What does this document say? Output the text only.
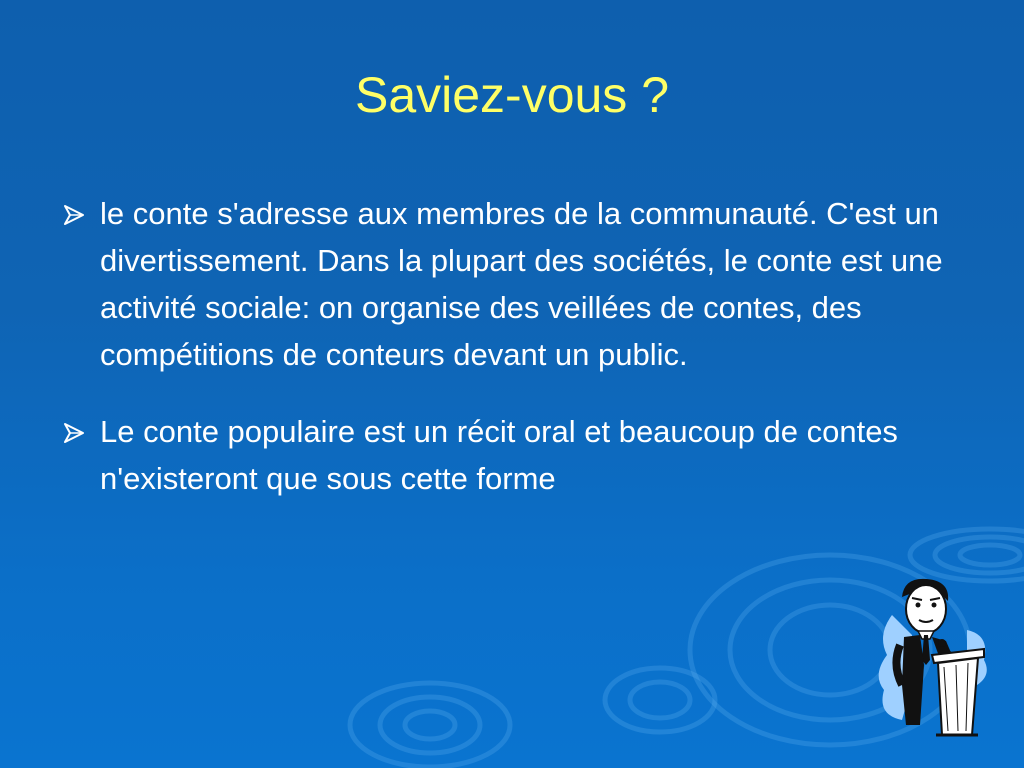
Saviez-vous ?
le conte s'adresse aux membres de la communauté. C'est un divertissement. Dans la plupart des sociétés, le conte est une activité sociale: on organise des veillées de contes, des compétitions de conteurs devant un public.
Le conte populaire est un récit oral et beaucoup de contes n'existeront que sous cette forme
